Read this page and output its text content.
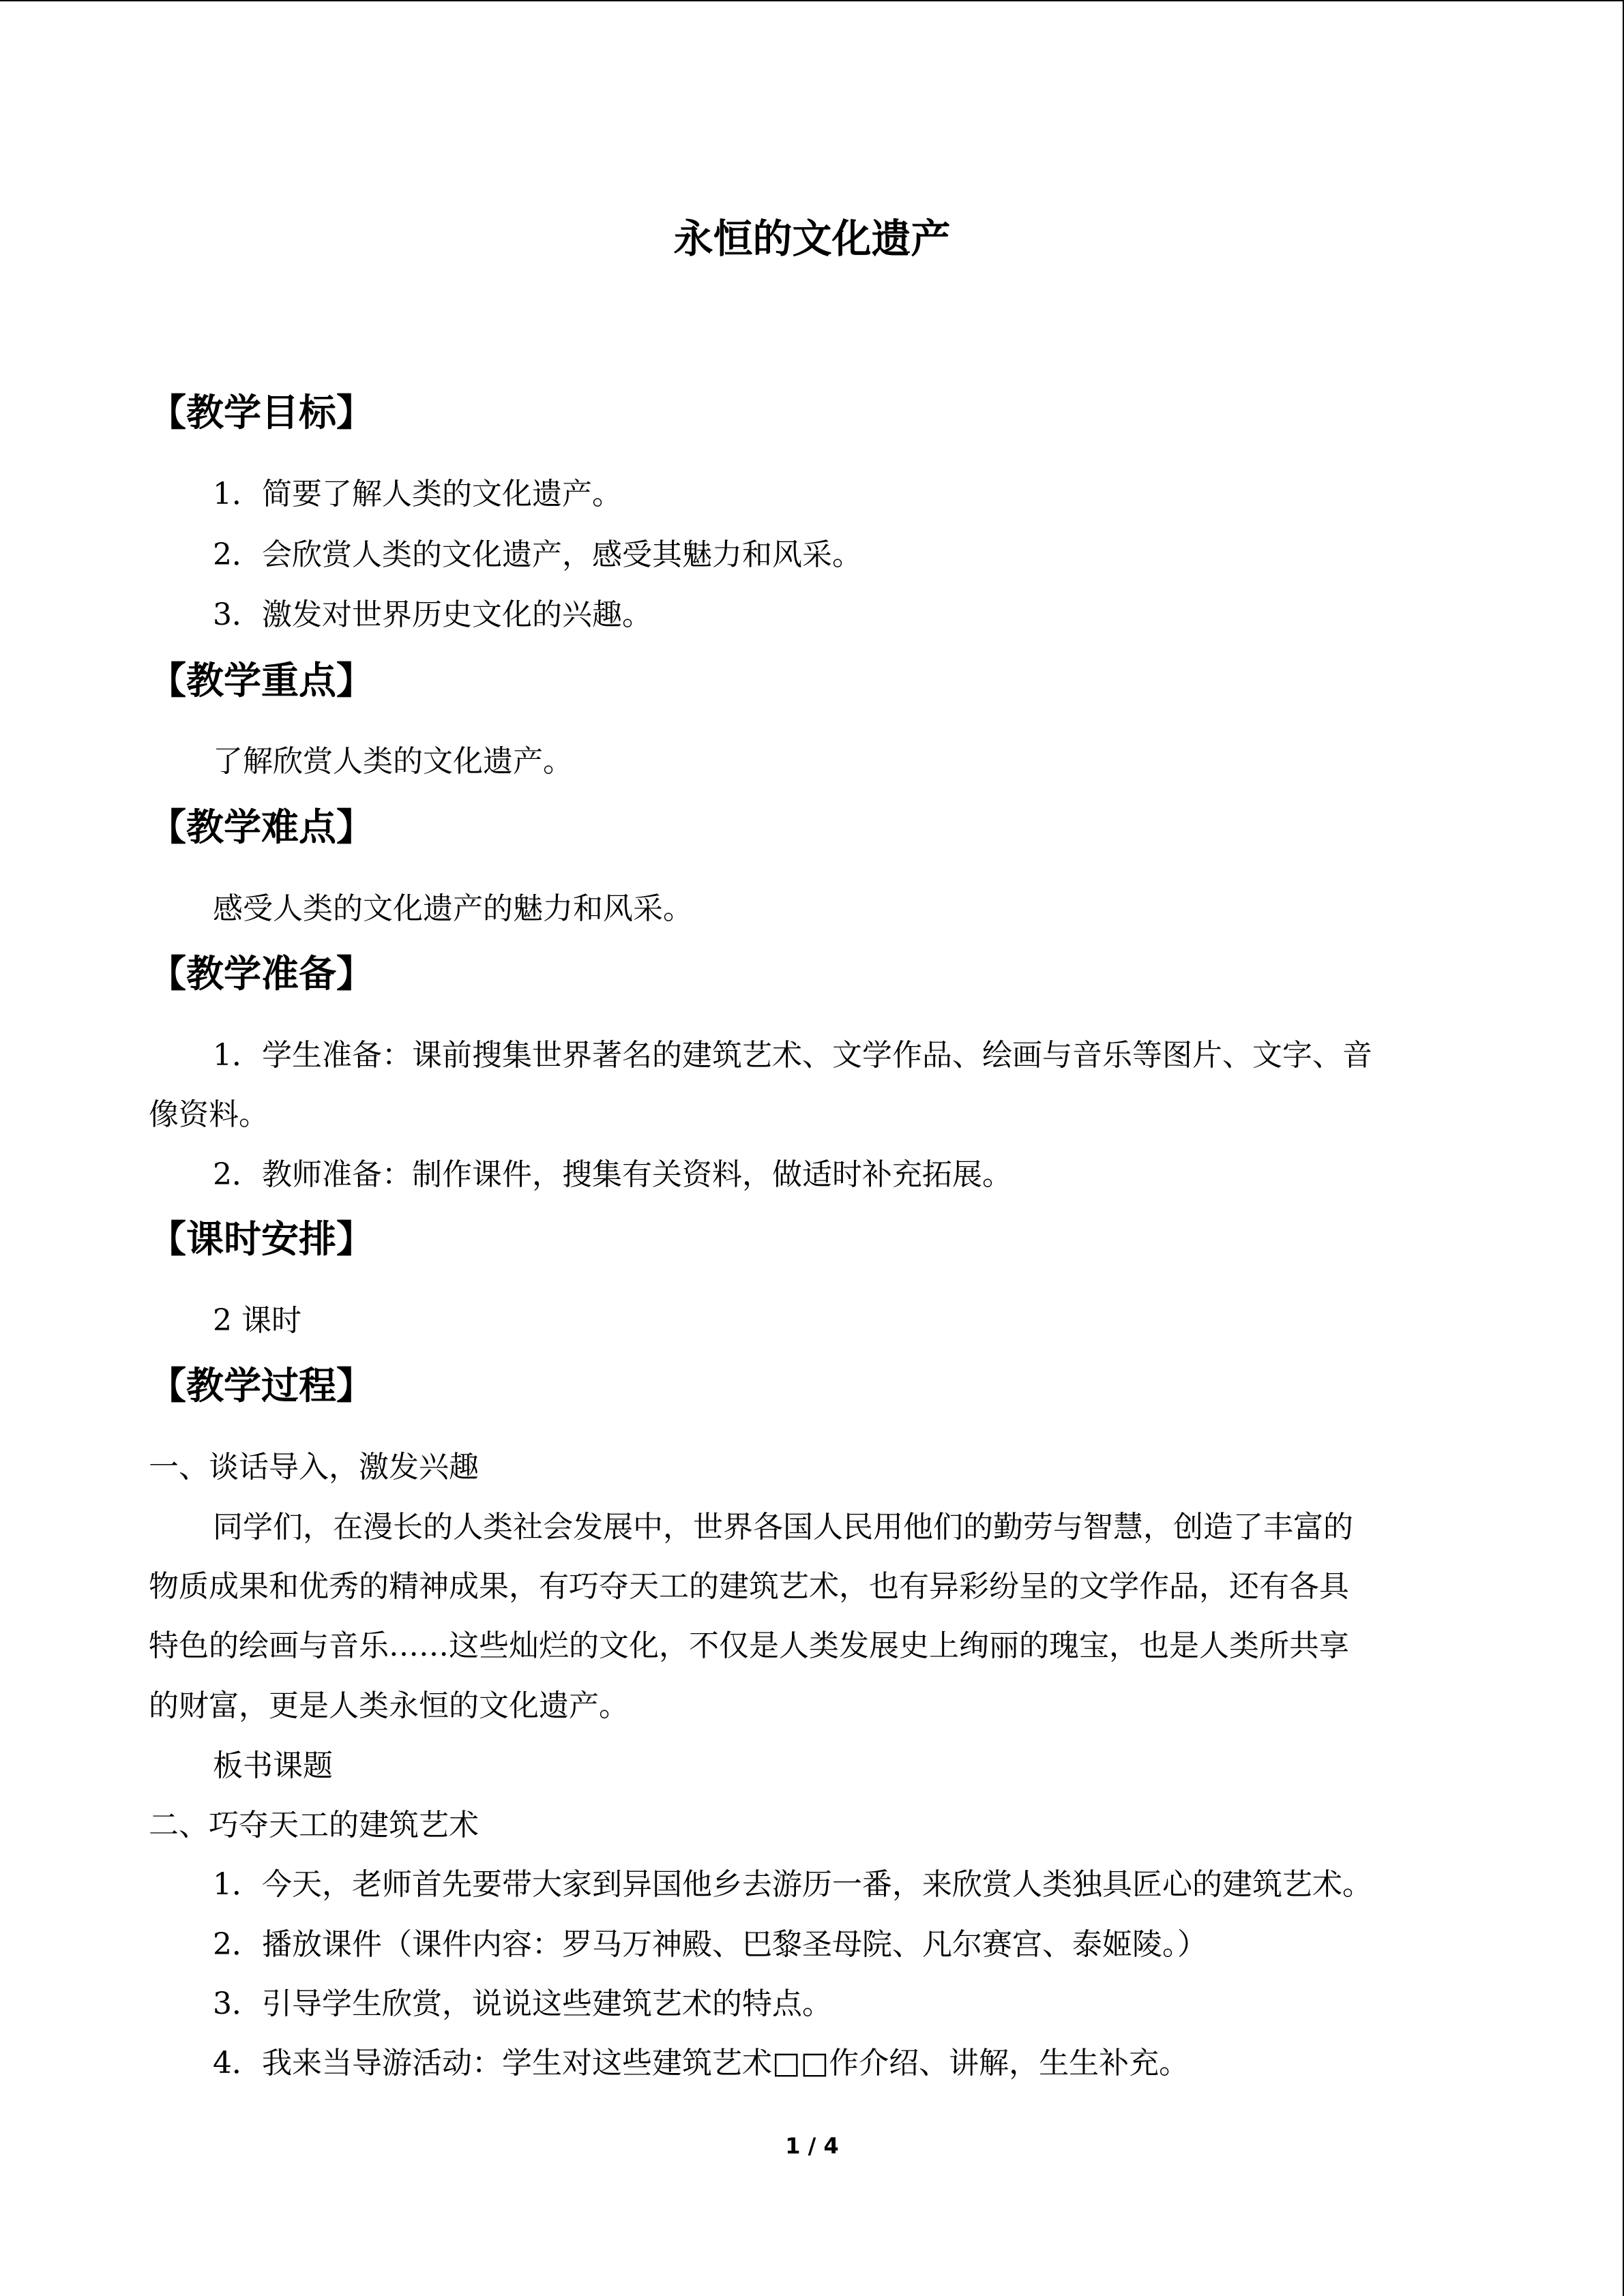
永恒的文化遗产
【教学目标】
1．简要了解人类的文化遗产。
2．会欣赏人类的文化遗产，感受其魅力和风采。
3．激发对世界历史文化的兴趣。
【教学重点】
了解欣赏人类的文化遗产。
【教学难点】
感受人类的文化遗产的魅力和风采。
【教学准备】
1．学生准备：课前搜集世界著名的建筑艺术、文学作品、绘画与音乐等图片、文字、音
像资料。
2．教师准备：制作课件，搜集有关资料，做适时补充拓展。
【课时安排】
2 课时
【教学过程】
一、谈话导入，激发兴趣
同学们，在漫长的人类社会发展中，世界各国人民用他们的勤劳与智慧，创造了丰富的
物质成果和优秀的精神成果，有巧夺天工的建筑艺术，也有异彩纷呈的文学作品，还有各具
特色的绘画与音乐……这些灿烂的文化，不仅是人类发展史上绚丽的瑰宝，也是人类所共享
的财富，更是人类永恒的文化遗产。
板书课题
二、巧夺天工的建筑艺术
1．今天，老师首先要带大家到异国他乡去游历一番，来欣赏人类独具匠心的建筑艺术。
2．播放课件（课件内容：罗马万神殿、巴黎圣母院、凡尔赛宫、泰姬陵。）
3．引导学生欣赏，说说这些建筑艺术的特点。
4．我来当导游活动：学生对这些建筑艺术□□作介绍、讲解，生生补充。
1 / 4
